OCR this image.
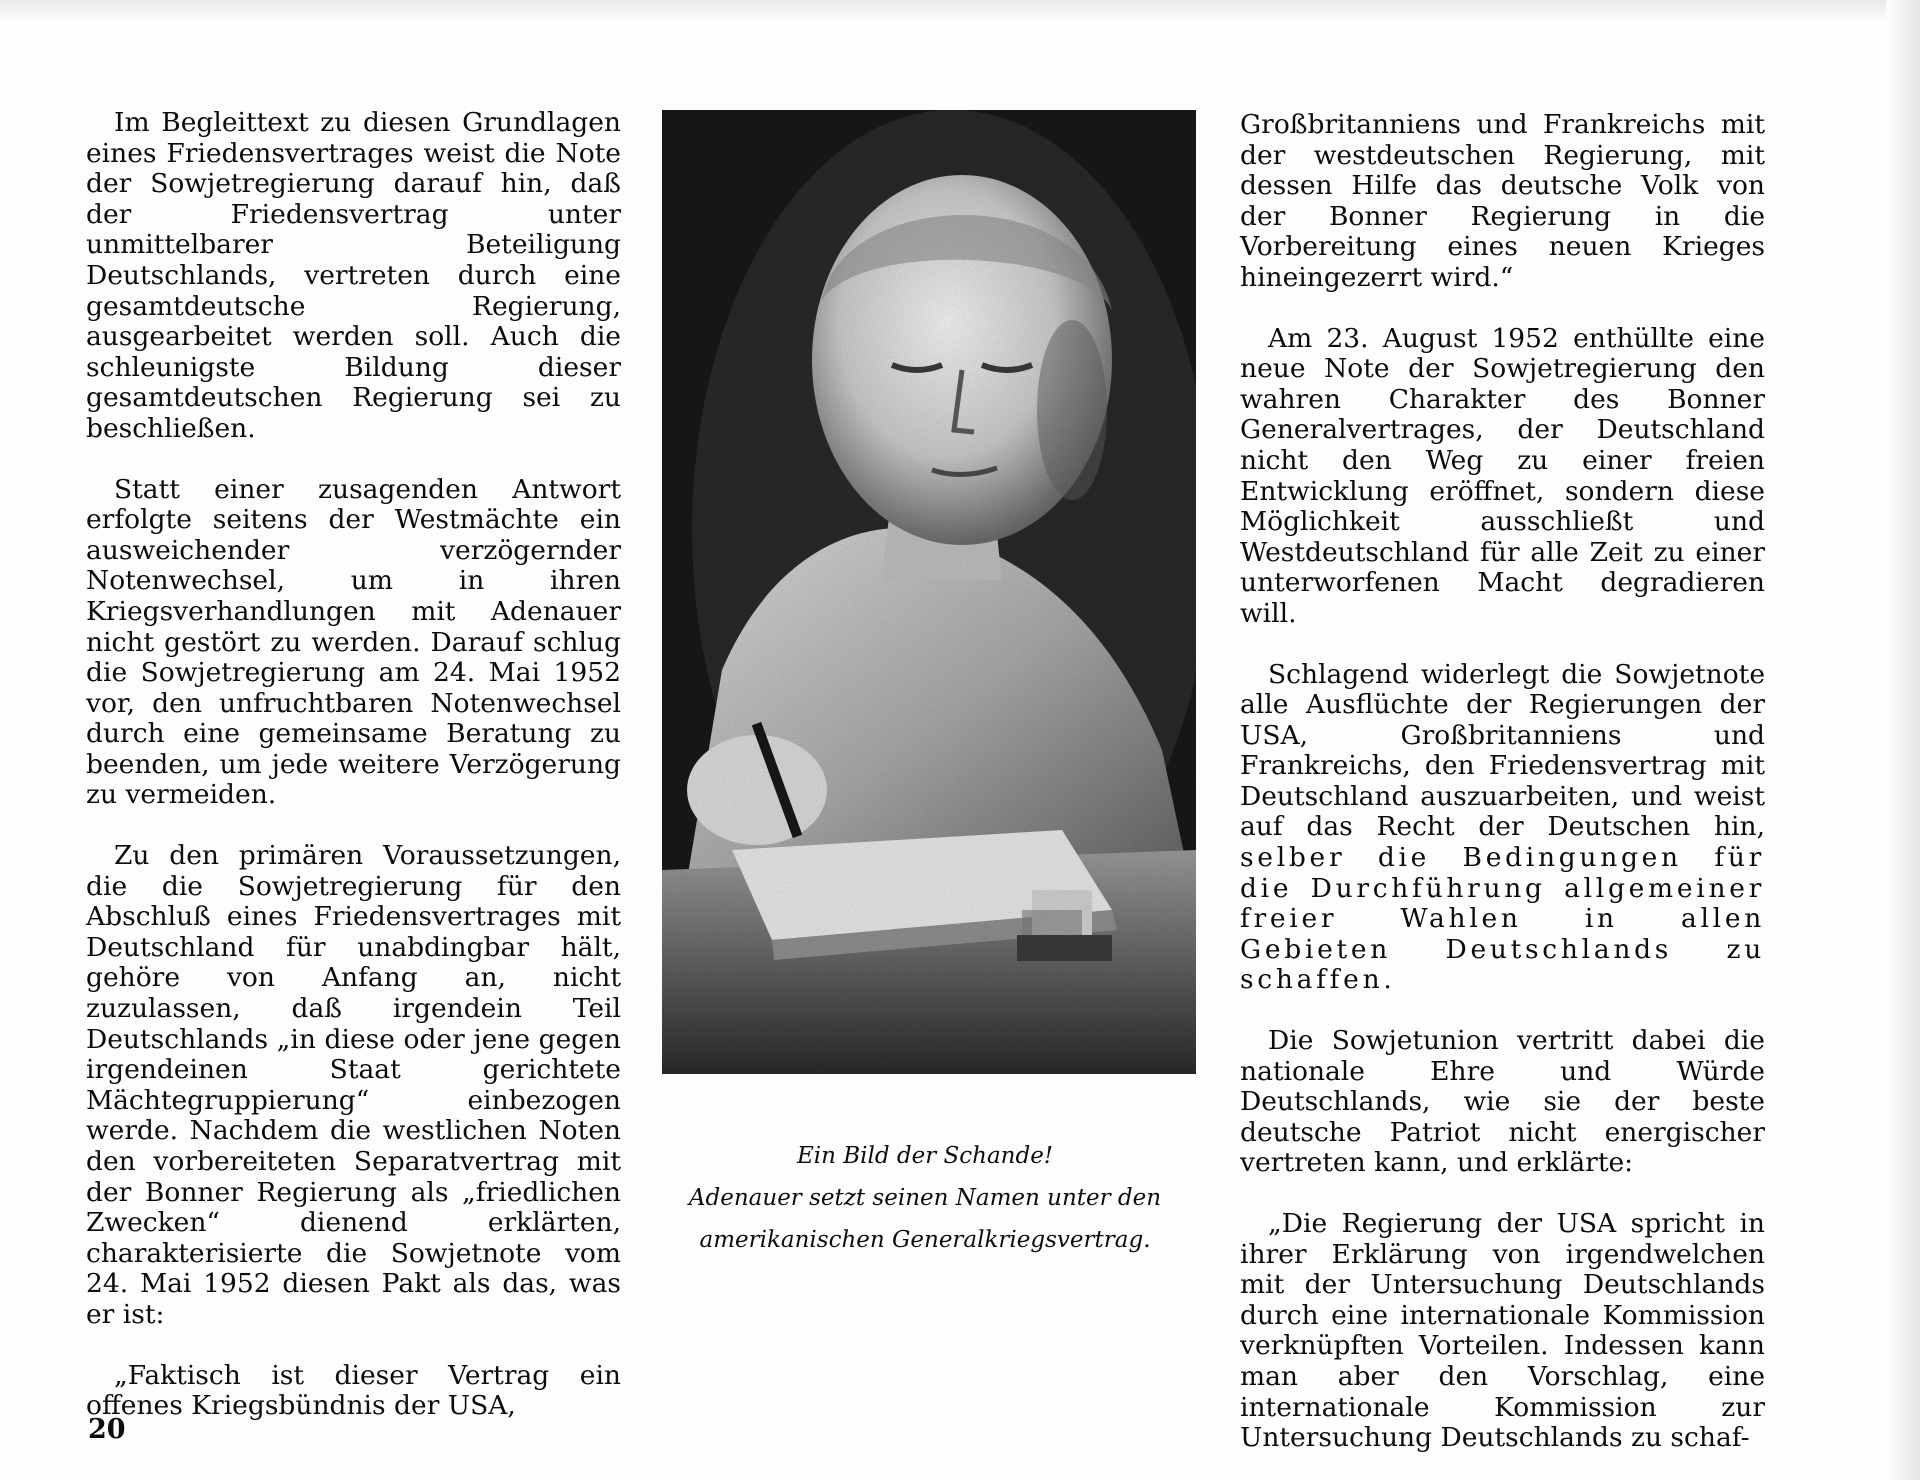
Im Begleittext zu diesen Grundlagen eines Friedensvertrages weist die Note der Sowjetregierung darauf hin, daß der Friedensvertrag unter unmittelbarer Beteiligung Deutschlands, vertreten durch eine gesamtdeutsche Regierung, ausgearbeitet werden soll. Auch die schleunigste Bildung dieser gesamtdeutschen Regierung sei zu beschließen.

Statt einer zusagenden Antwort erfolgte seitens der Westmächte ein ausweichender verzögernder Notenwechsel, um in ihren Kriegsverhandlungen mit Adenauer nicht gestört zu werden. Darauf schlug die Sowjetregierung am 24. Mai 1952 vor, den unfruchtbaren Notenwechsel durch eine gemeinsame Beratung zu beenden, um jede weitere Verzögerung zu vermeiden.

Zu den primären Voraussetzungen, die die Sowjetregierung für den Abschluß eines Friedensvertrages mit Deutschland für unabdingbar hält, gehöre von Anfang an, nicht zuzulassen, daß irgendein Teil Deutschlands „in diese oder jene gegen irgendeinen Staat gerichtete Mächtegruppierung“ einbezogen werde. Nachdem die westlichen Noten den vorbereiteten Separatvertrag mit der Bonner Regierung als „friedlichen Zwecken“ dienend erklärten, charakterisierte die Sowjetnote vom 24. Mai 1952 diesen Pakt als das, was er ist:

„Faktisch ist dieser Vertrag ein offenes Kriegsbündnis der USA,

Ein Bild der Schande!
Adenauer setzt seinen Namen unter den
amerikanischen Generalkriegsvertrag.

Großbritanniens und Frankreichs mit der westdeutschen Regierung, mit dessen Hilfe das deutsche Volk von der Bonner Regierung in die Vorbereitung eines neuen Krieges hineingezerrt wird.“

Am 23. August 1952 enthüllte eine neue Note der Sowjetregierung den wahren Charakter des Bonner Generalvertrages, der Deutschland nicht den Weg zu einer freien Entwicklung eröffnet, sondern diese Möglichkeit ausschließt und Westdeutschland für alle Zeit zu einer unterworfenen Macht degradieren will.

Schlagend widerlegt die Sowjetnote alle Ausflüchte der Regierungen der USA, Großbritanniens und Frankreichs, den Friedensvertrag mit Deutschland auszuarbeiten, und weist auf das Recht der Deutschen hin, selber die Bedingungen für die Durchführung allgemeiner freier Wahlen in allen Gebieten Deutschlands zu schaffen.

Die Sowjetunion vertritt dabei die nationale Ehre und Würde Deutschlands, wie sie der beste deutsche Patriot nicht energischer vertreten kann, und erklärte:

„Die Regierung der USA spricht in ihrer Erklärung von irgendwelchen mit der Untersuchung Deutschlands durch eine internationale Kommission verknüpften Vorteilen. Indessen kann man aber den Vorschlag, eine internationale Kommission zur Untersuchung Deutschlands zu schaf-

20
